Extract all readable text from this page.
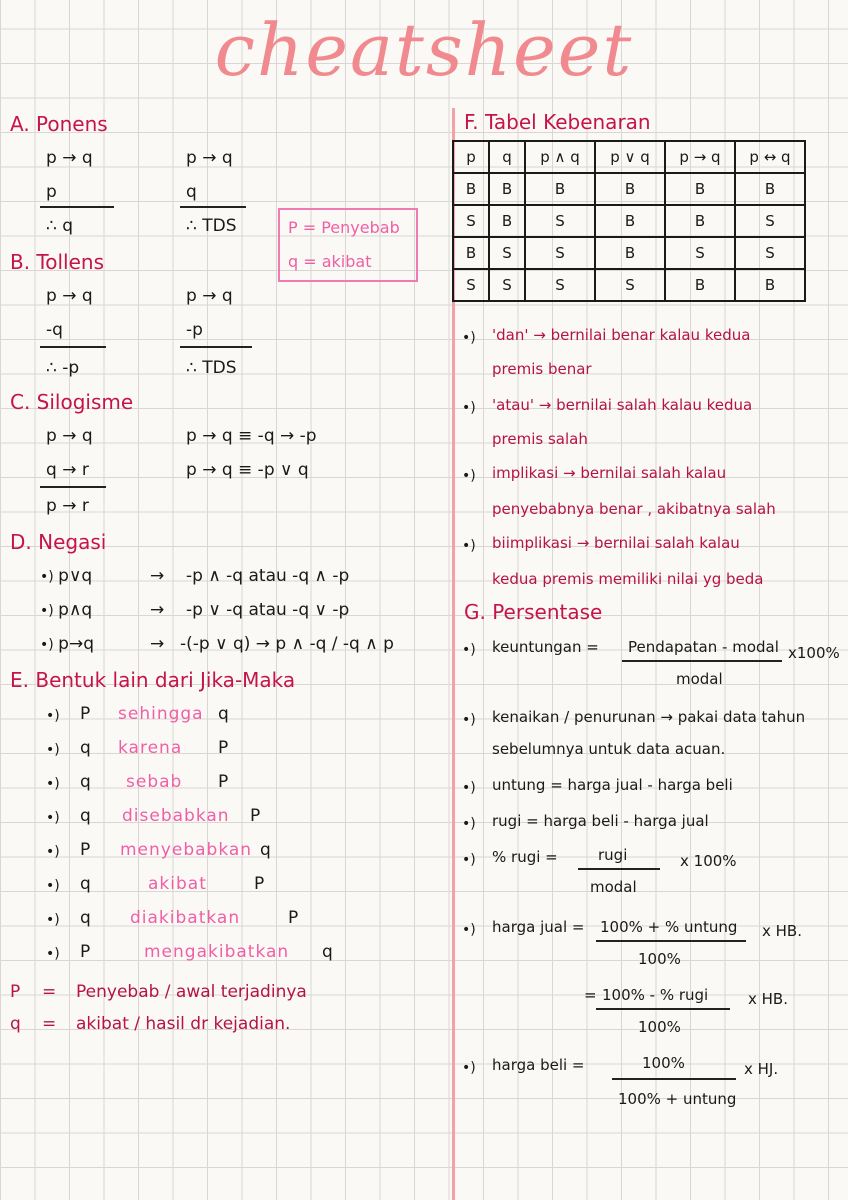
cheatsheet
A. Ponens
p → q
p
∴ q
p → q
q
∴ TDS	P = Penyebab
q = akibat
B. Tollens
p → q
-q
∴ -p
p → q
-p
∴ TDS
C. Silogisme
p → q
q → r
p → r
p → q ≡ -q → -p
p → q ≡ -p ∨ q
D. Negasi
•) p∨q	→ -p ∧ -q atau -q ∧ -p
•) p∧q	→ -p ∨ -q atau -q ∨ -p
•) p→q	→ -(-p ∨ q) → p ∧ -q / -q ∧ p
E. Bentuk lain dari Jika-Maka
•) P sehingga q
•) q karena P
•) q sebab P
•) q disebabkan P
•) P menyebabkan q
•) q	akibat	P
•) q diakibatkan	P
•) P	mengakibatkan q
P = Penyebab / awal terjadinya
q = akibat / hasil dr kejadian.
F. Tabel Kebenaran
p	q	p ∧ q	p ∨ q	p → q	p ↔ q
B	B	B	B	B	B
S	B	S	B	B	S
B	S	S	B	S	S
S	S	S	S	B	B
•) 'dan' → bernilai benar kalau kedua
premis benar
•) 'atau' → bernilai salah kalau kedua
premis salah
•) implikasi → bernilai salah kalau
penyebabnya benar , akibatnya salah
•) biimplikasi → bernilai salah kalau
kedua premis memiliki nilai yg beda
G. Persentase
•) keuntungan = Pendapatan - modal
modal
x100%
•) kenaikan / penurunan → pakai data tahun
sebelumnya untuk data acuan.
•) untung = harga jual - harga beli
•) rugi = harga beli - harga jual
•) % rugi =	rugi
modal
x 100%
•) harga jual = 100% + % untung
100%
x HB.
= 100% - % rugi
100%
x HB.
•) harga beli =	100%
100% + untung
x HJ.
